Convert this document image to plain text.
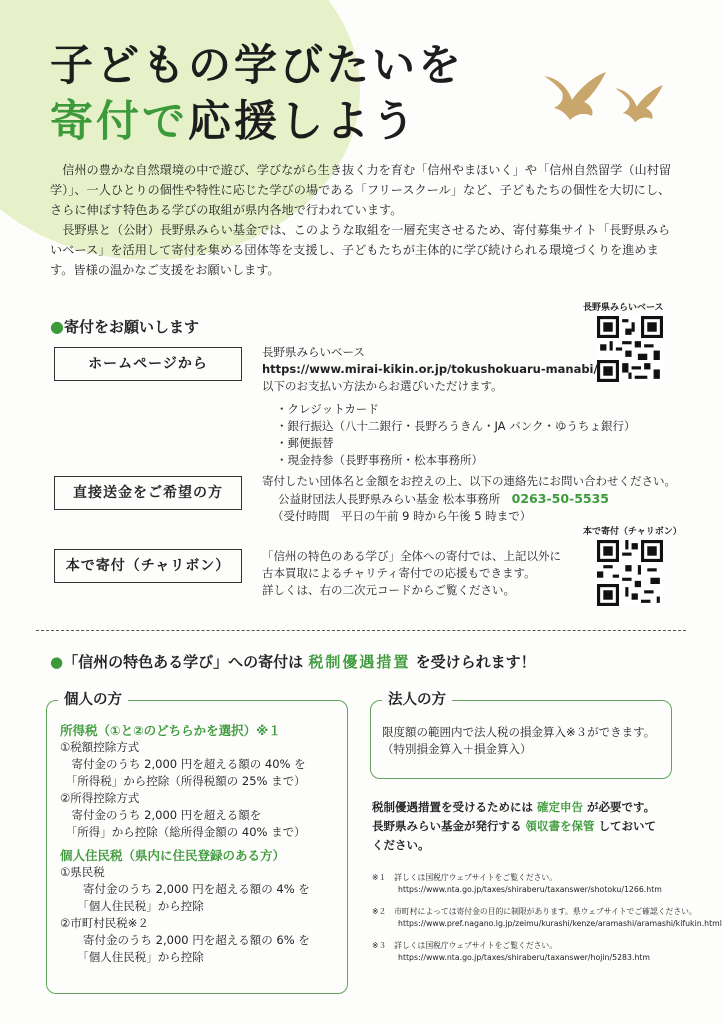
子どもの学びたいを
寄付で応援しよう

信州の豊かな自然環境の中で遊び、学びながら生き抜く力を育む「信州やまほいく」や「信州自然留学（山村留学）」、一人ひとりの個性や特性に応じた学びの場である「フリースクール」など、子どもたちの個性を大切にし、さらに伸ばす特色ある学びの取組が県内各地で行われています。

長野県と（公財）長野県みらい基金では、このような取組を一層充実させるため、寄付募集サイト「長野県みらいベース」を活用して寄付を集める団体等を支援し、子どもたちが主体的に学び続けられる環境づくりを進めます。皆様の温かなご支援をお願いします。

●寄付をお願いします
長野県みらいベース
ホームページから
長野県みらいベース
https://www.mirai-kikin.or.jp/tokushokuaru-manabi/
以下のお支払い方法からお選びいただけます。
・クレジットカード
・銀行振込（八十二銀行・長野ろうきん・JA バンク・ゆうちょ銀行）
・郵便振替
・現金持参（長野事務所・松本事務所）
直接送金をご希望の方
寄付したい団体名と金額をお控えの上、以下の連絡先にお問い合わせください。
公益財団法人長野県みらい基金 松本事務所　 0263-50-5535
（受付時間　平日の午前 9 時から午後 5 時まで）
本で寄付（チャリボン）
「信州の特色のある学び」全体への寄付では、上記以外に
古本買取によるチャリティ寄付での応援もできます。
詳しくは、右の二次元コードからご覧ください。
本で寄付（チャリボン）
●「信州の特色ある学び」への寄付は 税制優遇措置 を受けられます！
個人の方
所得税（①と②のどちらかを選択）※１
①税額控除方式
　寄付金のうち 2,000 円を超える額の 40% を
　「所得税」から控除（所得税額の 25% まで）
②所得控除方式
　寄付金のうち 2,000 円を超える額を
　「所得」から控除（総所得金額の 40% まで）
個人住民税（県内に住民登録のある方）
①県民税
　　寄付金のうち 2,000 円を超える額の 4% を
　　「個人住民税」から控除
②市町村民税※２
　　寄付金のうち 2,000 円を超える額の 6% を
　　「個人住民税」から控除
法人の方
限度額の範囲内で法人税の損金算入※３ができます。
（特別損金算入＋損金算入）
税制優遇措置を受けるためには 確定申告 が必要です。
長野県みらい基金が発行する 領収書を保管 しておいて
ください。
※１　 詳しくは国税庁ウェブサイトをご覧ください。
https://www.nta.go.jp/taxes/shiraberu/taxanswer/shotoku/1266.htm
※２　 市町村によっては寄付金の目的に制限があります。県ウェブサイトでご確認ください。
https://www.pref.nagano.lg.jp/zeimu/kurashi/kenze/aramashi/aramashi/kifukin.html
※３　 詳しくは国税庁ウェブサイトをご覧ください。
https://www.nta.go.jp/taxes/shiraberu/taxanswer/hojin/5283.htm
